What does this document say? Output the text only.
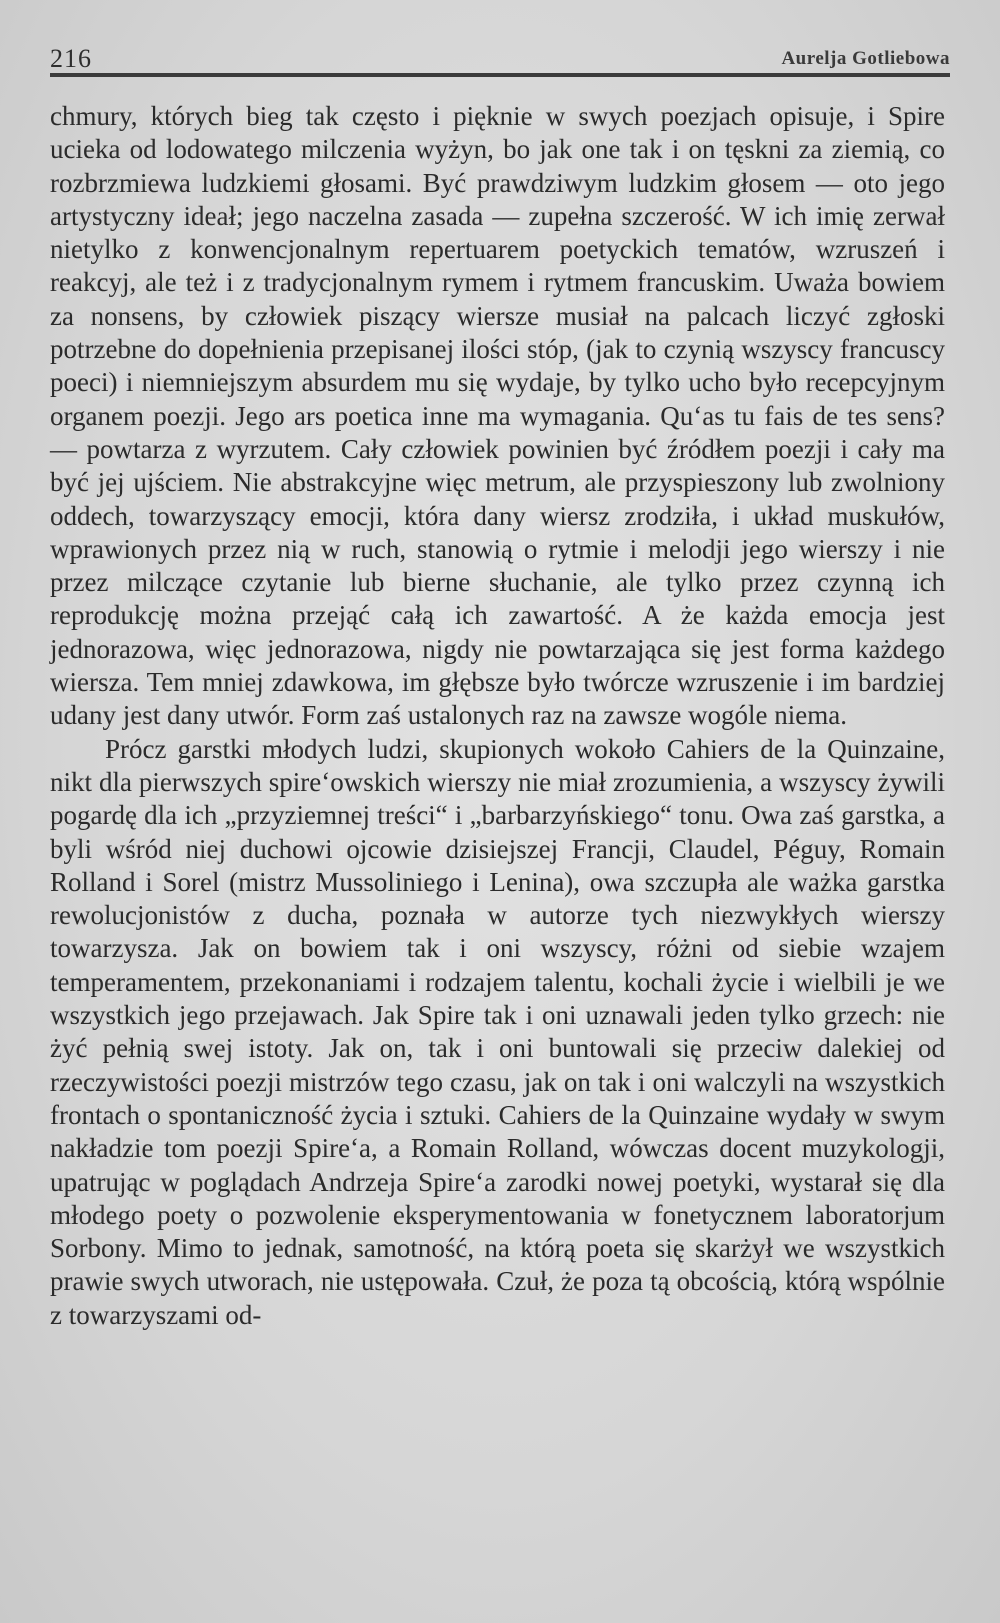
216	Aurelja Gotliebowa

chmury, których bieg tak często i pięknie w swych poezjach opisuje, i Spire ucieka od lodowatego milczenia wyżyn, bo jak one tak i on tęskni za ziemią, co rozbrzmiewa ludzkiemi głosami. Być prawdziwym ludzkim głosem — oto jego artystyczny ideał; jego naczelna zasada — zupełna szczerość. W ich imię zerwał nietylko z konwencjonalnym repertuarem poetyckich tematów, wzruszeń i reakcyj, ale też i z tradycjonalnym rymem i rytmem francuskim. Uważa bowiem za nonsens, by człowiek piszący wiersze musiał na palcach liczyć zgłoski potrzebne do dopełnienia przepisanej ilości stóp, (jak to czynią wszyscy francuscy poeci) i niemniejszym absurdem mu się wydaje, by tylko ucho było recepcyjnym organem poezji. Jego ars poetica inne ma wymagania. Qu‘as tu fais de tes sens? — powtarza z wyrzutem. Cały człowiek powinien być źródłem poezji i cały ma być jej ujściem. Nie abstrakcyjne więc metrum, ale przyspieszony lub zwolniony oddech, towarzyszący emocji, która dany wiersz zrodziła, i układ muskułów, wprawionych przez nią w ruch, stanowią o rytmie i melodji jego wierszy i nie przez milczące czytanie lub bierne słuchanie, ale tylko przez czynną ich reprodukcję można przejąć całą ich zawartość. A że każda emocja jest jednorazowa, więc jednorazowa, nigdy nie powtarzająca się jest forma każdego wiersza. Tem mniej zdawkowa, im głębsze było twórcze wzruszenie i im bardziej udany jest dany utwór. Form zaś ustalonych raz na zawsze wogóle niema.

Prócz garstki młodych ludzi, skupionych wokoło Cahiers de la Quinzaine, nikt dla pierwszych spire‘owskich wierszy nie miał zrozumienia, a wszyscy żywili pogardę dla ich „przyziemnej treści“ i „barbarzyńskiego“ tonu. Owa zaś garstka, a byli wśród niej duchowi ojcowie dzisiejszej Francji, Claudel, Péguy, Romain Rolland i Sorel (mistrz Mussoliniego i Lenina), owa szczupła ale ważka garstka rewolucjonistów z ducha, poznała w autorze tych niezwykłych wierszy towarzysza. Jak on bowiem tak i oni wszyscy, różni od siebie wzajem temperamentem, przekonaniami i rodzajem talentu, kochali życie i wielbili je we wszystkich jego przejawach. Jak Spire tak i oni uznawali jeden tylko grzech: nie żyć pełnią swej istoty. Jak on, tak i oni buntowali się przeciw dalekiej od rzeczywistości poezji mistrzów tego czasu, jak on tak i oni walczyli na wszystkich frontach o spontaniczność życia i sztuki. Cahiers de la Quinzaine wydały w swym nakładzie tom poezji Spire‘a, a Romain Rolland, wówczas docent muzykologji, upatrując w poglądach Andrzeja Spire‘a zarodki nowej poetyki, wystarał się dla młodego poety o pozwolenie eksperymentowania w fonetycznem laboratorjum Sorbony. Mimo to jednak, samotność, na którą poeta się skarżył we wszystkich prawie swych utworach, nie ustępowała. Czuł, że poza tą obcością, którą wspólnie z towarzyszami od-
